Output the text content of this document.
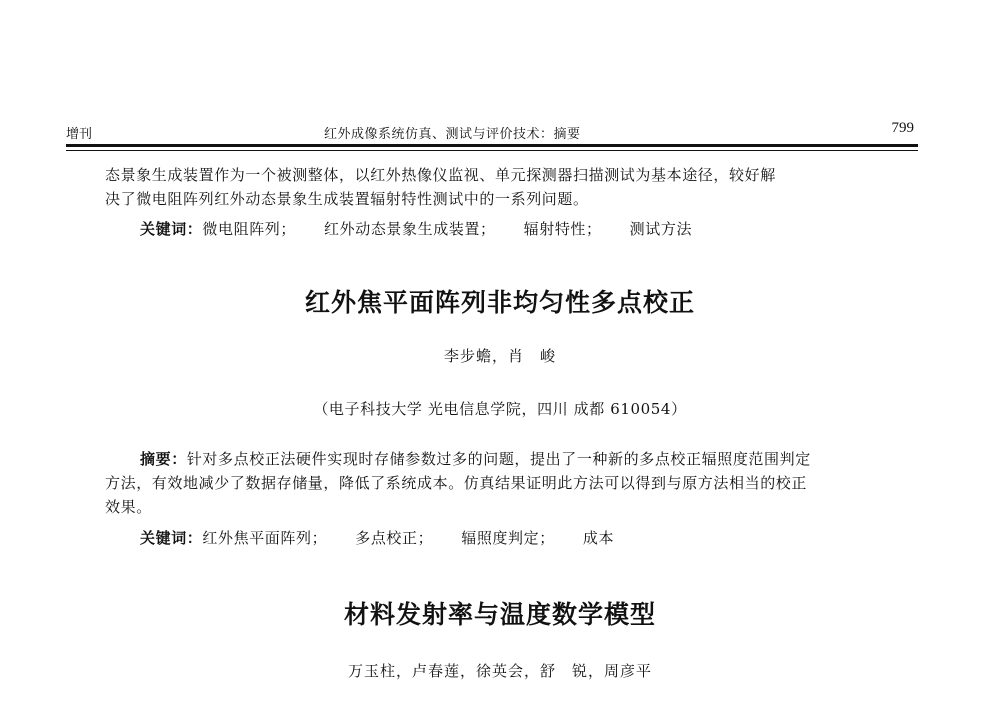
增刊	红外成像系统仿真、测试与评价技术：摘要	799
态景象生成装置作为一个被测整体，以红外热像仪监视、单元探测器扫描测试为基本途径，较好解
决了微电阻阵列红外动态景象生成装置辐射特性测试中的一系列问题。
关键词：微电阻阵列； 红外动态景象生成装置； 辐射特性； 测试方法
红外焦平面阵列非均匀性多点校正
李步蟾，肖　峻
（电子科技大学 光电信息学院，四川 成都 610054）
摘要：针对多点校正法硬件实现时存储参数过多的问题，提出了一种新的多点校正辐照度范围判定
方法，有效地减少了数据存储量，降低了系统成本。仿真结果证明此方法可以得到与原方法相当的校正
效果。
关键词：红外焦平面阵列； 多点校正； 辐照度判定； 成本
材料发射率与温度数学模型
万玉柱，卢春莲，徐英会，舒　锐，周彦平
